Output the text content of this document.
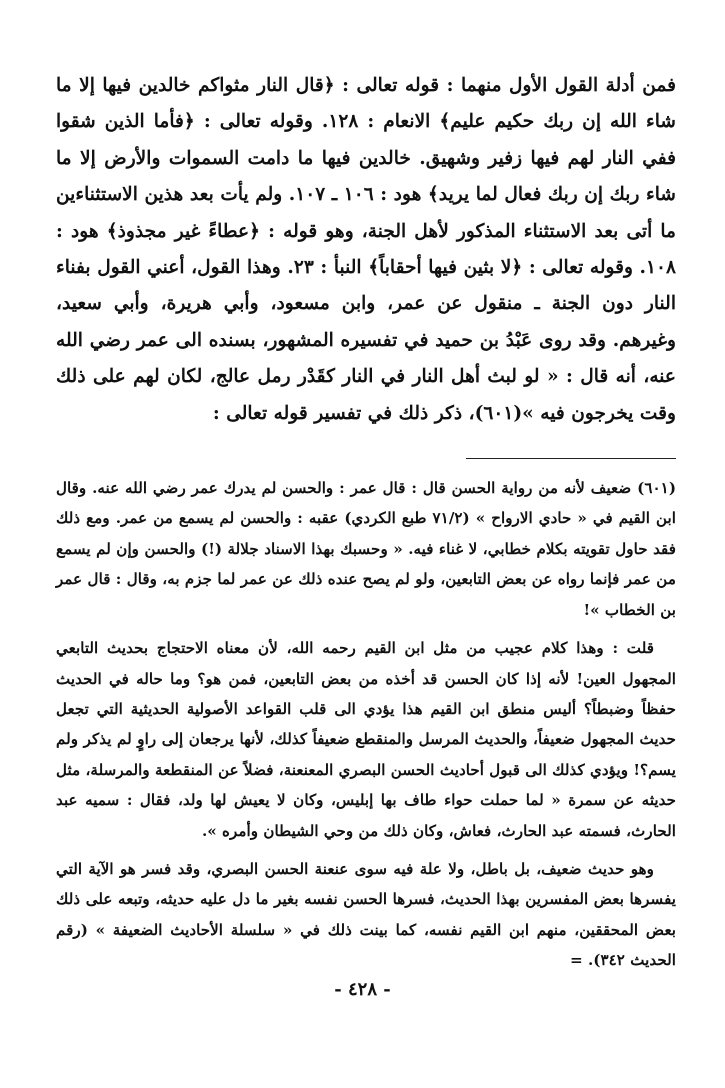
فمن أدلة القول الأول منهما : قوله تعالى : ﴿قال النار مثواكم خالدين فيها إلا ما شاء الله إن ربك حكيم عليم﴾ الانعام : ١٢٨. وقوله تعالى : ﴿فأما الذين شقوا ففي النار لهم فيها زفير وشهيق. خالدين فيها ما دامت السموات والأرض إلا ما شاء ربك إن ربك فعال لما يريد﴾ هود : ١٠٦ ـ ١٠٧. ولم يأت بعد هذين الاستثناءين ما أتى بعد الاستثناء المذكور لأهل الجنة، وهو قوله : ﴿عطاءً غير مجذوذ﴾ هود : ١٠٨. وقوله تعالى : ﴿لا بثين فيها أحقاباً﴾ النبأ : ٢٣. وهذا القول، أعني القول بفناء النار دون الجنة ـ منقول عن عمر، وابن مسعود، وأبي هريرة، وأبي سعيد، وغيرهم. وقد روى عَبْدُ بن حميد في تفسيره المشهور، بسنده الى عمر رضي الله عنه، أنه قال : « لو لبث أهل النار في النار كقَدْر رمل عالج، لكان لهم على ذلك وقت يخرجون فيه »(٦٠١)، ذكر ذلك في تفسير قوله تعالى :

(٦٠١) ضعيف لأنه من رواية الحسن قال : قال عمر : والحسن لم يدرك عمر رضي الله عنه. وقال ابن القيم في « حادي الارواح » (٧١/٢ طبع الكردي) عقبه : والحسن لم يسمع من عمر. ومع ذلك فقد حاول تقويته بكلام خطابي، لا غناء فيه. « وحسبك بهذا الاسناد جلالة (!) والحسن وإن لم يسمع من عمر فإنما رواه عن بعض التابعين، ولو لم يصح عنده ذلك عن عمر لما جزم به، وقال : قال عمر بن الخطاب »!

قلت : وهذا كلام عجيب من مثل ابن القيم رحمه الله، لأن معناه الاحتجاج بحديث التابعي المجهول العين! لأنه إذا كان الحسن قد أخذه من بعض التابعين، فمن هو؟ وما حاله في الحديث حفظاً وضبطاً؟ أليس منطق ابن القيم هذا يؤدي الى قلب القواعد الأصولية الحديثية التي تجعل حديث المجهول ضعيفاً، والحديث المرسل والمنقطع ضعيفاً كذلك، لأنها يرجعان إلى راوٍ لم يذكر ولم يسم؟! ويؤدي كذلك الى قبول أحاديث الحسن البصري المعنعنة، فضلاً عن المنقطعة والمرسلة، مثل حديثه عن سمرة « لما حملت حواء طاف بها إبليس، وكان لا يعيش لها ولد، فقال : سميه عبد الحارث، فسمته عبد الحارث، فعاش، وكان ذلك من وحي الشيطان وأمره ».

وهو حديث ضعيف، بل باطل، ولا علة فيه سوى عنعنة الحسن البصري، وقد فسر هو الآية التي يفسرها بعض المفسرين بهذا الحديث، فسرها الحسن نفسه بغير ما دل عليه حديثه، وتبعه على ذلك بعض المحققين، منهم ابن القيم نفسه، كما بينت ذلك في « سلسلة الأحاديث الضعيفة » (رقم الحديث ٣٤٢). =

- ٤٢٨ -
